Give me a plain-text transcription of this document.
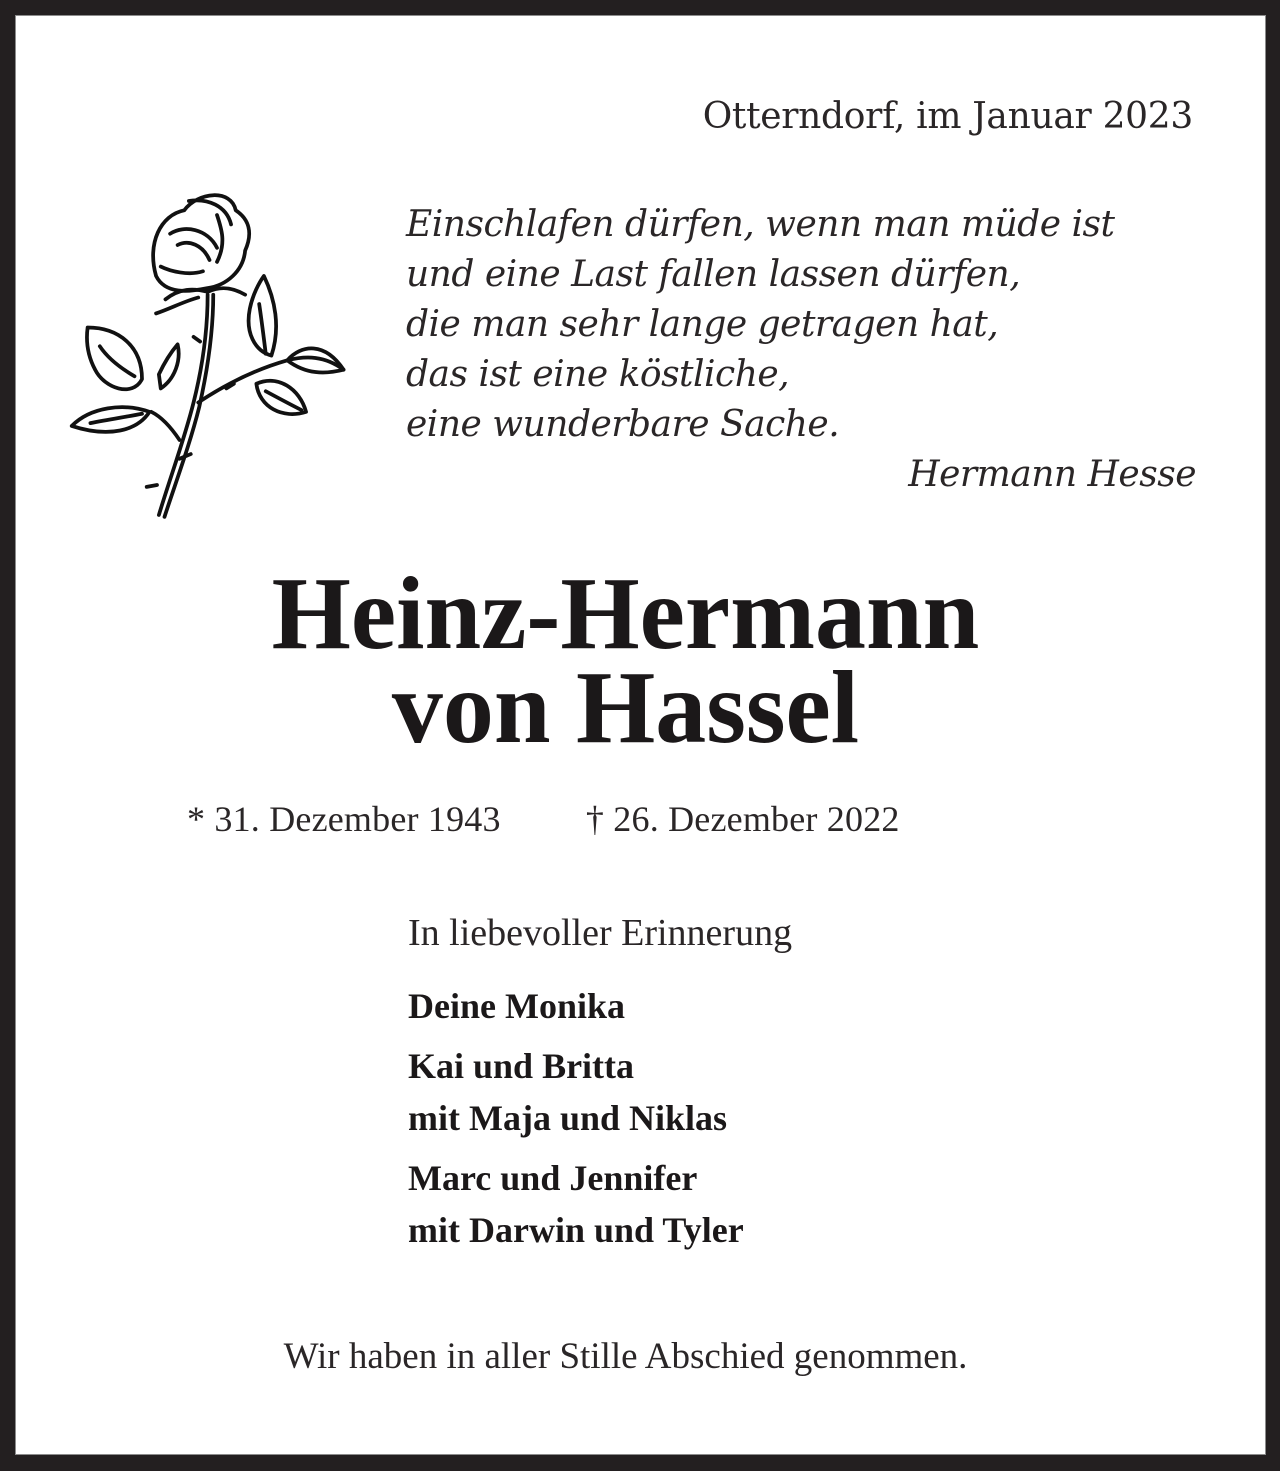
Otterndorf, im Januar 2023
Einschlafen dürfen, wenn man müde ist
und eine Last fallen lassen dürfen,
die man sehr lange getragen hat,
das ist eine köstliche,
eine wunderbare Sache.
Hermann Hesse
Heinz-Hermann
von Hassel
* 31. Dezember 1943 † 26. Dezember 2022
In liebevoller Erinnerung
Deine Monika
Kai und Britta
mit Maja und Niklas
Marc und Jennifer
mit Darwin und Tyler
Wir haben in aller Stille Abschied genommen.
